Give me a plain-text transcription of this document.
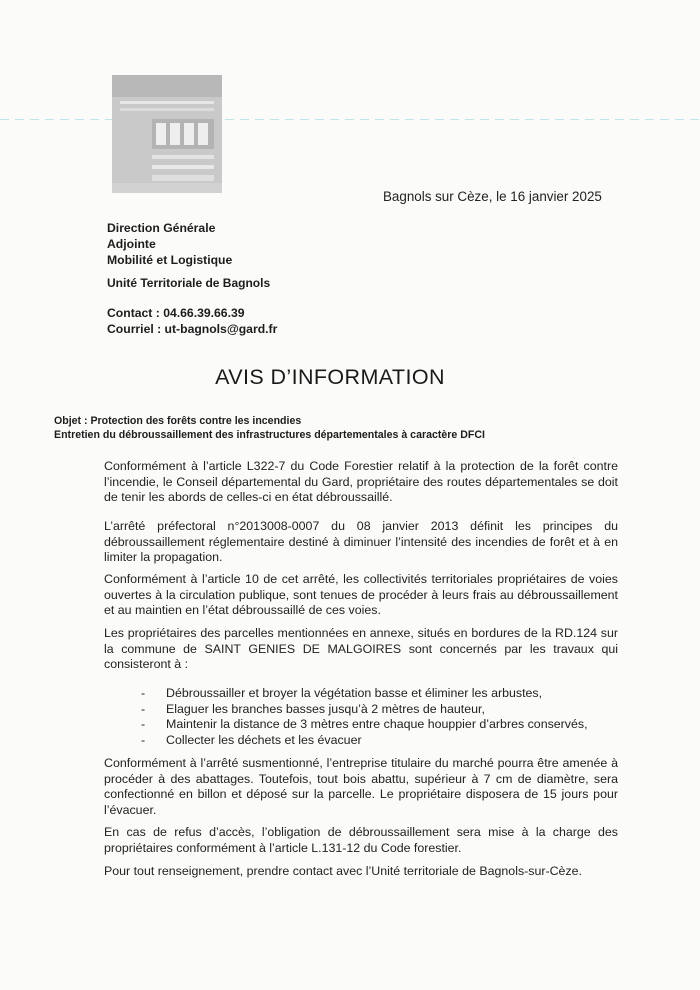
Bagnols sur Cèze, le 16 janvier 2025
Direction Générale
Adjointe
Mobilité et Logistique
Unité Territoriale de Bagnols
Contact : 04.66.39.66.39
Courriel : ut-bagnols@gard.fr
AVIS D’INFORMATION
Objet : Protection des forêts contre les incendies
Entretien du débroussaillement des infrastructures départementales à caractère DFCI

Conformément à l’article L322-7 du Code Forestier relatif à la protection de la forêt contre l’incendie, le Conseil départemental du Gard, propriétaire des routes départementales se doit de tenir les abords de celles-ci en état débroussaillé.

L’arrêté préfectoral n°2013008-0007 du 08 janvier 2013 définit les principes du débroussaillement réglementaire destiné à diminuer l’intensité des incendies de forêt et à en limiter la propagation.

Conformément à l’article 10 de cet arrêté, les collectivités territoriales propriétaires de voies ouvertes à la circulation publique, sont tenues de procéder à leurs frais au débroussaillement et au maintien en l’état débroussaillé de ces voies.

Les propriétaires des parcelles mentionnées en annexe, situés en bordures de la RD.124 sur la commune de SAINT GENIES DE MALGOIRES sont concernés par les travaux qui consisteront à :

- Débroussailler et broyer la végétation basse et éliminer les arbustes,
- Elaguer les branches basses jusqu’à 2 mètres de hauteur,
- Maintenir la distance de 3 mètres entre chaque houppier d’arbres conservés,
- Collecter les déchets et les évacuer

Conformément à l’arrêté susmentionné, l’entreprise titulaire du marché pourra être amenée à procéder à des abattages. Toutefois, tout bois abattu, supérieur à 7 cm de diamètre, sera confectionné en billon et déposé sur la parcelle. Le propriétaire disposera de 15 jours pour l’évacuer.

En cas de refus d’accès, l’obligation de débroussaillement sera mise à la charge des propriétaires conformément à l’article L.131-12 du Code forestier.

Pour tout renseignement, prendre contact avec l’Unité territoriale de Bagnols-sur-Cèze.
